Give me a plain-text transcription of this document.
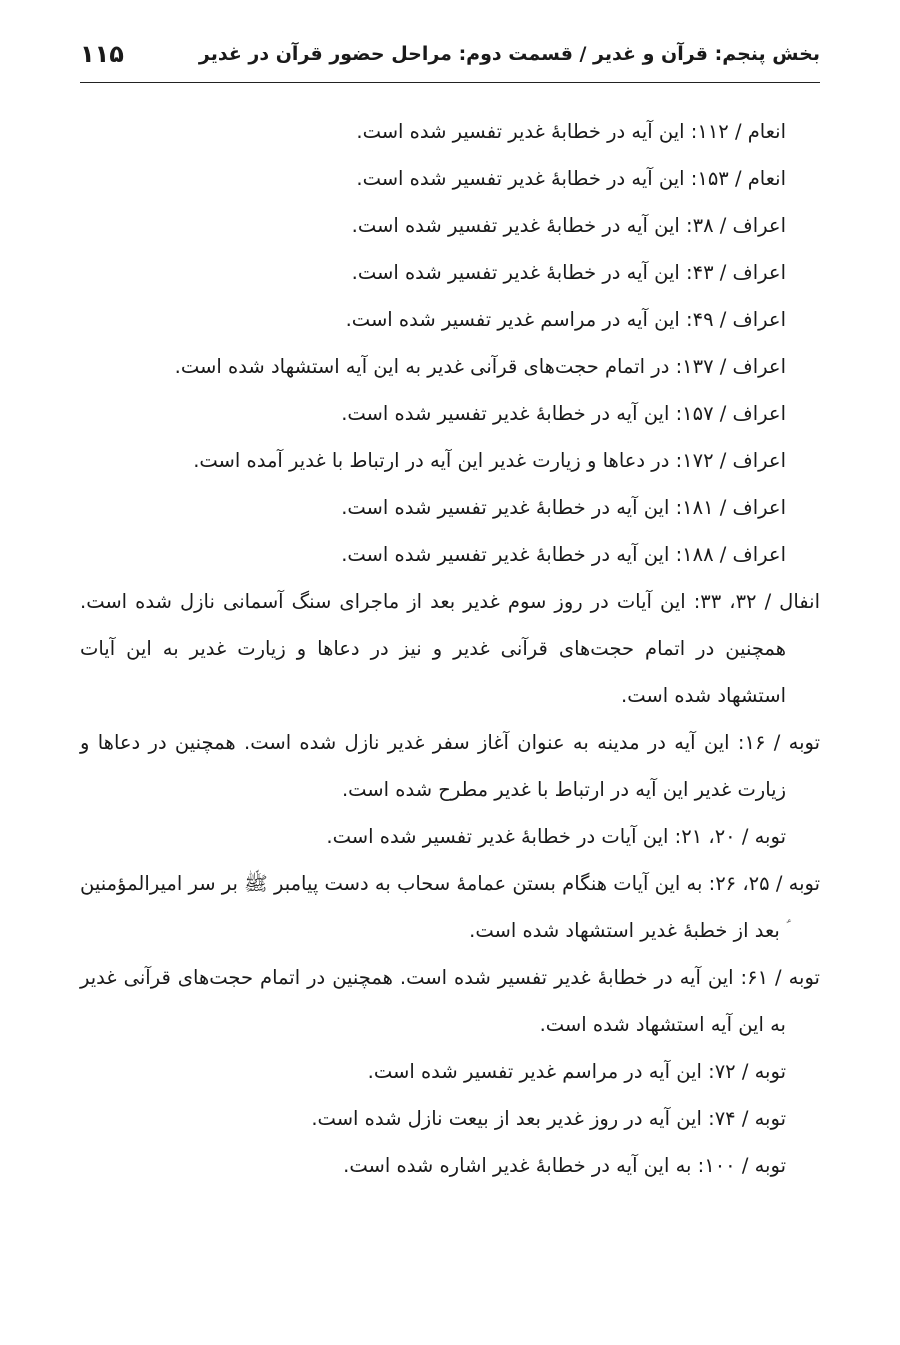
بخش پنجم: قرآن و غدیر / قسمت دوم: مراحل حضور قرآن در غدیر
۱۱۵

انعام / ۱۱۲: این آیه در خطابهٔ غدیر تفسیر شده است.

انعام / ۱۵۳: این آیه در خطابهٔ غدیر تفسیر شده است.

اعراف / ۳۸: این آیه در خطابهٔ غدیر تفسیر شده است.

اعراف / ۴۳: این آیه در خطابهٔ غدیر تفسیر شده است.

اعراف / ۴۹: این آیه در مراسم غدیر تفسیر شده است.

اعراف / ۱۳۷: در اتمام حجت‌های قرآنی غدیر به این آیه استشهاد شده است.

اعراف / ۱۵۷: این آیه در خطابهٔ غدیر تفسیر شده است.

اعراف / ۱۷۲: در دعاها و زیارت غدیر این آیه در ارتباط با غدیر آمده است.

اعراف / ۱۸۱: این آیه در خطابهٔ غدیر تفسیر شده است.

اعراف / ۱۸۸: این آیه در خطابهٔ غدیر تفسیر شده است.

انفال / ۳۲، ۳۳: این آیات در روز سوم غدیر بعد از ماجرای سنگ آسمانی نازل شده است. همچنین در اتمام حجت‌های قرآنی غدیر و نیز در دعاها و زیارت غدیر به این آیات استشهاد شده است.

توبه / ۱۶: این آیه در مدینه به عنوان آغاز سفر غدیر نازل شده است. همچنین در دعاها و زیارت غدیر این آیه در ارتباط با غدیر مطرح شده است.

توبه / ۲۰، ۲۱: این آیات در خطابهٔ غدیر تفسیر شده است.

توبه / ۲۵، ۲۶: به این آیات هنگام بستن عمامهٔ سحاب به دست پیامبر ﷺ بر سر امیرالمؤمنین ؑ بعد از خطبهٔ غدیر استشهاد شده است.

توبه / ۶۱: این آیه در خطابهٔ غدیر تفسیر شده است. همچنین در اتمام حجت‌های قرآنی غدیر به این آیه استشهاد شده است.

توبه / ۷۲: این آیه در مراسم غدیر تفسیر شده است.

توبه / ۷۴: این آیه در روز غدیر بعد از بیعت نازل شده است.

توبه / ۱۰۰: به این آیه در خطابهٔ غدیر اشاره شده است.
